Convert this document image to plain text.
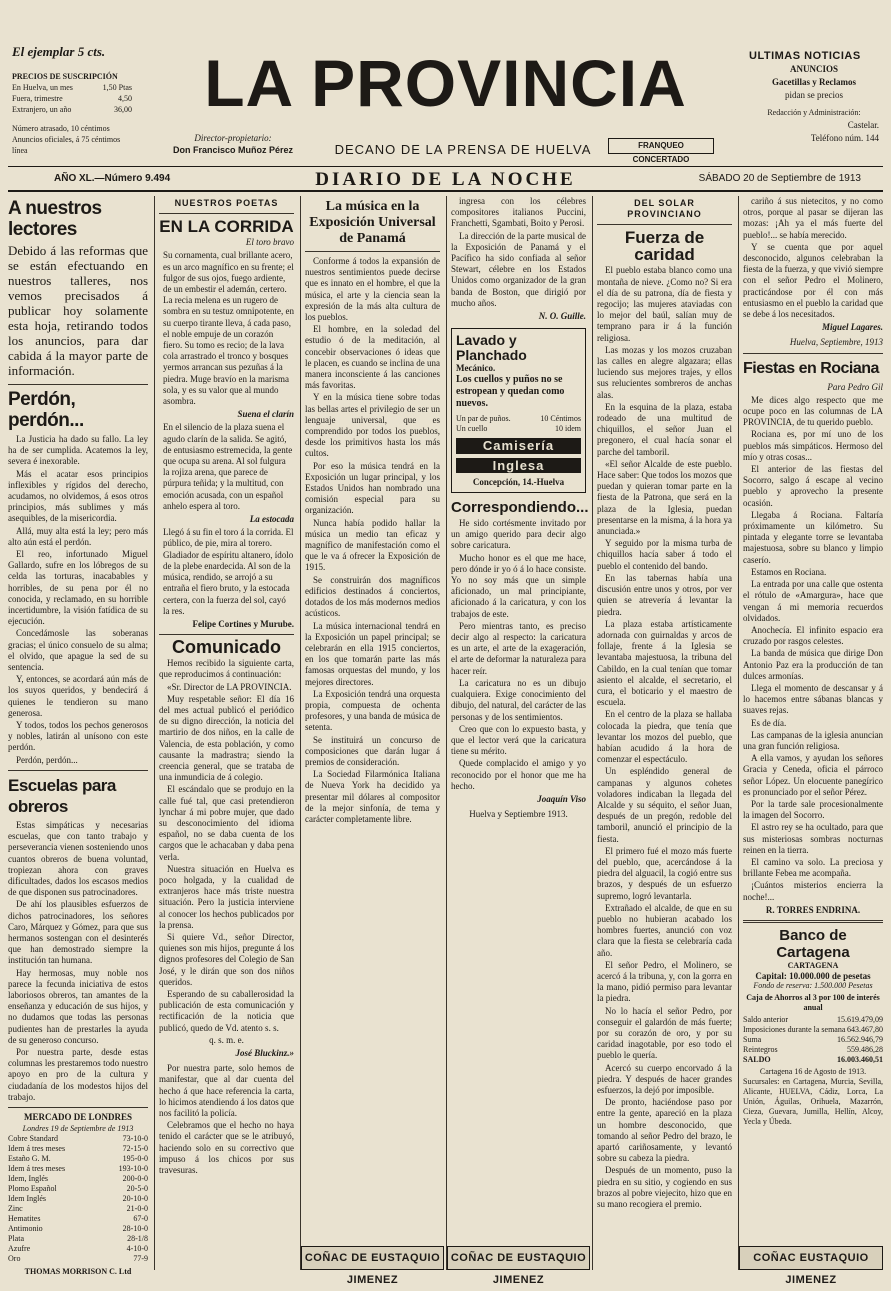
El ejemplar 5 cts.
PRECIOS DE SUSCRIPCIÓN
En Huelva, un mes	1,50 Ptas
Fuera, trimestre	4,50
Extranjero, un año	36,00
Número atrasado, 10 céntimos
Anuncios oficiales, á 75 céntimos línea
LA PROVINCIA
Director-propietario:
Don Francisco Muñoz Pérez	DECANO DE LA PRENSA DE HUELVA	FRANQUEO CONCERTADO
ULTIMAS NOTICIAS
ANUNCIOS
Gacetillas y Reclamos
pidan se precios
Redacción y Administración:
Castelar.
Teléfono núm. 144
AÑO XL.—Número 9.494	DIARIO DE LA NOCHE	SÁBADO 20 de Septiembre de 1913
A nuestros lectores
Debido á las reformas que se están efectuando en nuestros talleres, nos vemos precisados á publicar hoy solamente esta hoja, retirando todos los anuncios, para dar cabida á la mayor parte de información.
Perdón, perdón...

La Justicia ha dado su fallo. La ley ha de ser cumplida. Acatemos la ley, severa é inexorable.

Más el acatar esos principios inflexibles y rígidos del derecho, acudamos, no olvidemos, á esos otros principios, más sublimes y más asequibles, de la misericordia.

Allá, muy alta está la ley; pero más alto aún está el perdón.

El reo, infortunado Miguel Gallardo, sufre en los lóbregos de su celda las torturas, inacabables y horribles, de su pena por él no conocida, y reclamado, en su horrible incertidumbre, la visión fatídica de su ejecución.

Concedámosle las soberanas gracias; el único consuelo de su alma; el olvido, que apague la sed de su sentencia.

Y, entonces, se acordará aún más de los suyos queridos, y bendecirá á quienes le tendieron su mano generosa.

Y todos, todos los pechos generosos y nobles, latirán al unísono con este perdón.

Perdón, perdón...

Escuelas para obreros

Estas simpáticas y necesarias escuelas, que con tanto trabajo y perseverancia vienen sosteniendo unos cuantos obreros de buena voluntad, tropiezan ahora con graves dificultades, dados los escasos medios de que disponen sus patrocinadores.

De ahí los plausibles esfuerzos de dichos patrocinadores, los señores Caro, Márquez y Gómez, para que sus hermanos sostengan con el desinterés que han demostrado siempre la institución tan humana.

Hay hermosas, muy noble nos parece la fecunda iniciativa de estos laboriosos obreros, tan amantes de la enseñanza y educación de sus hijos, y no dudamos que todas las personas pudientes han de prestarles la ayuda de su generoso concurso.

Por nuestra parte, desde estas columnas les prestaremos todo nuestro apoyo en pro de la cultura y ciudadanía de los modestos hijos del trabajo.

MERCADO DE LONDRES
Londres 19 de Septiembre de 1913
Cobre Standard	73-10-0
Idem á tres meses	72-15-0
Estaño G. M.	195-0-0
Idem á tres meses	193-10-0
Idem, Inglés	200-0-0
Plomo Español	20-5-0
Idem Inglés	20-10-0
Zinc	21-0-0
Hematites	67-0
Antimonio	28-10-0
Plata	28-1/8
Azufre	4-10-0
Oro	77-9
THOMAS MORRISON C. Ltd
NUESTROS POETAS
EN LA CORRIDA
El toro bravo

Su cornamenta, cual brillante acero, es un arco magnífico en su frente; el fulgor de sus ojos, fuego ardiente, de un embestir el ademán, certero. La recia melena es un rugero de sombra en su testuz omnipotente, en su cuerpo tirante lleva, á cada paso, el noble empuje de un corazón fiero. Su tomo es recio; de la lava cola arrastrado el tronco y bosques yermos arrancan sus pezuñas á la piedra. Muge bravío en la marisma sola, y es su valor que al mundo asombra.

Suena el clarín

En el silencio de la plaza suena el agudo clarín de la salida. Se agitó, de entusiasmo estremecida, la gente que ocupa su arena. Al sol fulgura la rojiza arena, que parece de púrpura teñida; y la multitud, con emoción acusada, con un español anhelo espera al toro.

La estocada

Llegó á su fin el toro á la corrida. El público, de pie, mira al torero. Gladiador de espíritu altanero, ídolo de la plebe enardecida. Al son de la música, rendido, se arrojó a su entraña el fiero bruto, y la estocada certera, con la fuerza del sol, cayó la res.

Felipe Cortines y Murube.
Comunicado

Hemos recibido la siguiente carta, que reproducimos á continuación:

«Sr. Director de LA PROVINCIA.

Muy respetable señor: El día 16 del mes actual publicó el periódico de su digno dirección, la noticia del martirio de dos niños, en la calle de Valencia, de esta población, y como causante la madrastra; siendo la creencia general, que se trataba de una inmundicia de á colegio.

El escándalo que se produjo en la calle fué tal, que casi pretendieron lynchar á mi pobre mujer, que dado su desconocimiento del idioma español, no se daba cuenta de los cargos que le achacaban y daba pena verla.

Nuestra situación en Huelva es poco holgada, y la cualidad de extranjeros hace más triste nuestra situación. Pero la justicia interviene al conocer los hechos publicados por la prensa.

Si quiere Vd., señor Director, quienes son mis hijos, pregunte á los dignos profesores del Colegio de San José, y le dirán que son dos niños queridos.

Esperando de su caballerosidad la publicación de esta comunicación y rectificación de la noticia que publicó, quedo de Vd. atento s. s.

q. s. m. e.

José Bluckinz.»

Por nuestra parte, solo hemos de manifestar, que al dar cuenta del hecho á que hace referencia la carta, lo hicimos atendiendo á los datos que nos facilitó la policía.

Celebramos que el hecho no haya tenido el carácter que se le atribuyó, haciendo solo en su correctivo que impuso á los chicos por sus travesuras.

La música en la Exposición Universal de Panamá

Conforme á todos la expansión de nuestros sentimientos puede decirse que es innato en el hombre, el que la música, el arte y la ciencia sean la expresión de la más alta cultura de los pueblos.

El hombre, en la soledad del estudio ó de la meditación, al concebir observaciones ó ideas que le placen, es cuando se inclina de una manera inconsciente á las canciones más favoritas.

Y en la música tiene sobre todas las bellas artes el privilegio de ser un lenguaje universal, que es comprendido por todos los pueblos, desde los primitivos hasta los más cultos.

Por eso la música tendrá en la Exposición un lugar principal, y los Estados Unidos han nombrado una comisión especial para su organización.

Nunca había podido hallar la música un medio tan eficaz y magnífico de manifestación como el que le va á ofrecer la Exposición de 1915.

Se construirán dos magníficos edificios destinados á conciertos, dotados de los más modernos medios acústicos.

La música internacional tendrá en la Exposición un papel principal; se celebrarán en ella 1915 conciertos, en los que tomarán parte las más famosas orquestas del mundo, y los mejores directores.

La Exposición tendrá una orquesta propia, compuesta de ochenta profesores, y una banda de música de setenta.

Se instituirá un concurso de composiciones que darán lugar á premios de consideración.

La Sociedad Filarmónica Italiana de Nueva York ha decidido ya presentar mil dólares al compositor de la mejor sinfonía, de tema y carácter completamente libre.

COÑAC DE EUSTAQUIO JIMENEZ

ingresa con los célebres compositores italianos Puccini, Franchetti, Sgambati, Boito y Perosi.

La dirección de la parte musical de la Exposición de Panamá y el Pacífico ha sido confiada al señor Stewart, célebre en los Estados Unidos como organizador de la gran banda de Boston, que dirigió por mucho años.

N. O. Guille.
Lavado y Planchado
Mecánico.
Los cuellos y puños no se estropean y quedan como nuevos.
Un par de puños.	10 Céntimos
Un cuello	10 idem
Camisería
Inglesa
Concepción, 14.-Huelva
Correspondiendo...

He sido cortésmente invitado por un amigo querido para decir algo sobre caricatura.

Mucho honor es el que me hace, pero dónde ir yo ó á lo hace consiste. Yo no soy más que un simple aficionado, un mal principiante, aficionado á la caricatura, y con los trabajos de este.

Pero mientras tanto, es preciso decir algo al respecto: la caricatura es un arte, el arte de la exageración, el arte de deformar la naturaleza para hacer reír.

La caricatura no es un dibujo cualquiera. Exige conocimiento del dibujo, del natural, del carácter de las personas y de los sentimientos.

Creo que con lo expuesto basta, y que el lector verá que la caricatura tiene su mérito.

Quede complacido el amigo y yo reconocido por el honor que me ha hecho.

Joaquín Viso
Huelva y Septiembre 1913.
COÑAC DE EUSTAQUIO JIMENEZ
DEL SOLAR PROVINCIANO
Fuerza de caridad

El pueblo estaba blanco como una montaña de nieve. ¿Como no? Si era el día de su patrona, día de fiesta y regocijo; las mujeres ataviadas con lo mejor del baúl, salían muy de temprano para ir á la función religiosa.

Las mozas y los mozos cruzaban las calles en alegre algazara; ellas luciendo sus mejores trajes, y ellos sus relucientes sombreros de anchas alas.

En la esquina de la plaza, estaba rodeado de una multitud de chiquillos, el señor Juan el pregonero, el cual hacía sonar el parche del tamboril.

«El señor Alcalde de este pueblo. Hace saber: Que todos los mozos que puedan y quieran tomar parte en la fiesta de la Patrona, que será en la plaza de la Iglesia, puedan presentarse en la misma, á la hora ya anunciada.»

Y seguido por la misma turba de chiquillos hacía saber á todo el pueblo el contenido del bando.

En las tabernas había una discusión entre unos y otros, por ver quien se atrevería á levantar la piedra.

La plaza estaba artísticamente adornada con guirnaldas y arcos de follaje, frente á la Iglesia se levantaba majestuosa, la tribuna del Cabildo, en la cual tenían que tomar asiento el alcalde, el secretario, el cura, el boticario y el maestro de escuela.

En el centro de la plaza se hallaba colocada la piedra, que tenía que levantar los mozos del pueblo, que habían acudido á la hora de comenzar el espectáculo.

Un espléndido general de campanas y algunos cohetes voladores indicaban la llegada del Alcalde y su séquito, el señor Juan, después de un pregón, redoble del tamboril, anunció el principio de la fiesta.

El primero fué el mozo más fuerte del pueblo, que, acercándose á la piedra del alguacil, la cogió entre sus brazos, y después de un esfuerzo supremo, logró levantarla.

Extrañado el alcalde, de que en su pueblo no hubieran acabado los hombres fuertes, anunció con voz clara que la fiesta se celebraría cada año.

El señor Pedro, el Molinero, se acercó á la tribuna, y, con la gorra en la mano, pidió permiso para levantar la piedra.

No lo hacía el señor Pedro, por conseguir el galardón de más fuerte; por su corazón de oro, y por su caridad inagotable, por eso todo el pueblo le quería.

Acercó su cuerpo encorvado á la piedra. Y después de hacer grandes esfuerzos, la dejó por imposible.

De pronto, haciéndose paso por entre la gente, apareció en la plaza un hombre desconocido, que tomando al señor Pedro del brazo, le apartó cariñosamente, y levantó sobre su cabeza la piedra.

Después de un momento, puso la piedra en su sitio, y cogiendo en sus brazos al pobre viejecito, hizo que en su mano recogiera el premio.

cariño á sus nietecitos, y no como otros, porque al pasar se dijeran las mozas: ¡Ah ya el más fuerte del pueblo!... se había merecido.

Y se cuenta que por aquel desconocido, algunos celebraban la fiesta de la fuerza, y que vivió siempre con el señor Pedro el Molinero, practicándose por él con más entusiasmo en el pueblo la caridad que se debe á los necesitados.

Miguel Lagares.
Huelva, Septiembre, 1913
Fiestas en Rociana
Para Pedro Gil

Me dices algo respecto que me ocupe poco en las columnas de LA PROVINCIA, de tu querido pueblo.

Rociana es, por mí uno de los pueblos más simpáticos. Hermoso del mío y otras cosas...

El anterior de las fiestas del Socorro, salgo á escape al vecino pueblo y aprovecho la presente ocasión.

Llegaba á Rociana. Faltaría próximamente un kilómetro. Su pintada y elegante torre se levantaba majestuosa, sobre su blanco y limpio caserío.

Estamos en Rociana.

La entrada por una calle que ostenta el rótulo de «Amargura», hace que vengan á mi memoria recuerdos olvidados.

Anochecía. El infinito espacio era cruzado por rasgos celestes.

La banda de música que dirige Don Antonio Paz era la producción de tan dulces armonías.

Llega el momento de descansar y á lo hacemos entre sábanas blancas y suaves rejas.

Es de día.

Las campanas de la iglesia anuncian una gran función religiosa.

A ella vamos, y ayudan los señores Gracia y Ceneda, oficia el párroco señor López. Un elocuente panegírico es pronunciado por el señor Pérez.

Por la tarde sale procesionalmente la imagen del Socorro.

El astro rey se ha ocultado, para que sus misteriosas sombras nocturnas reinen en la tierra.

El camino va solo. La preciosa y brillante Febea me acompaña.

¡Cuántos misterios encierra la noche!...

R. TORRES ENDRINA.
Banco de Cartagena
CARTAGENA
Capital: 10.000.000 de pesetas
Fondo de reserva: 1.500.000 Pesetas
Caja de Ahorros al 3 por 100 de interés anual
Saldo anterior	15.619.479,09
Imposiciones durante la semana 643.467,80
Suma	16.562.946,79
Reintegros	559.486,28
SALDO	16.003.460,51
Cartagena 16 de Agosto de 1913.
Sucursales: en Cartagena, Murcia, Sevilla, Alicante, HUELVA, Cádiz, Lorca, La Unión, Águilas, Orihuela, Mazarrón, Cieza, Guevara, Jumilla, Hellín, Alcoy, Yecla y Úbeda.
COÑAC EUSTAQUIO JIMENEZ
